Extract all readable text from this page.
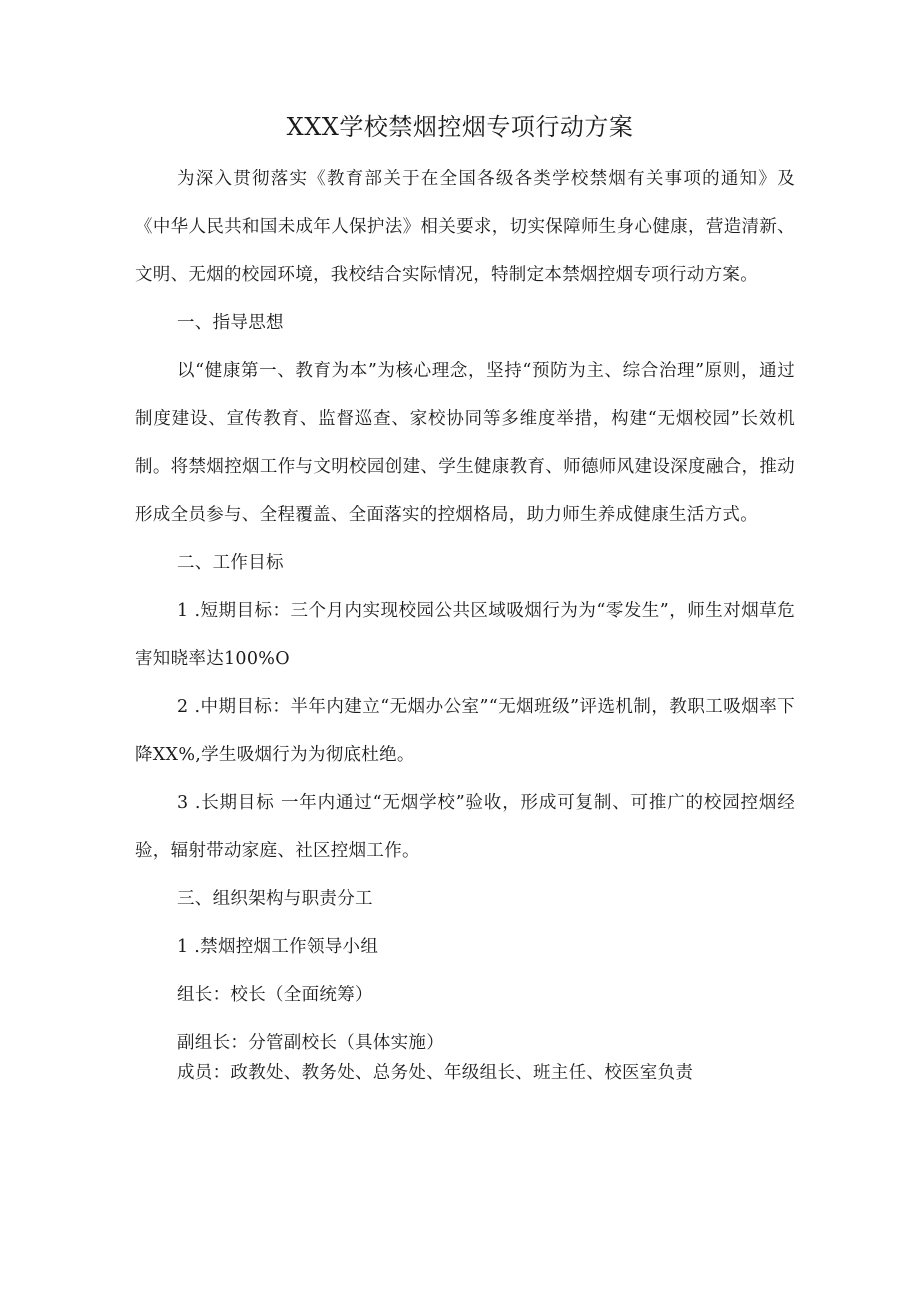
XXX学校禁烟控烟专项行动方案

为深入贯彻落实《教育部关于在全国各级各类学校禁烟有关事项的通知》及《中华人民共和国未成年人保护法》相关要求，切实保障师生身心健康，营造清新、文明、无烟的校园环境，我校结合实际情况，特制定本禁烟控烟专项行动方案。

一、指导思想

以“健康第一、教育为本”为核心理念，坚持“预防为主、综合治理”原则，通过制度建设、宣传教育、监督巡查、家校协同等多维度举措，构建“无烟校园”长效机制。将禁烟控烟工作与文明校园创建、学生健康教育、师德师风建设深度融合，推动形成全员参与、全程覆盖、全面落实的控烟格局，助力师生养成健康生活方式。

二、工作目标

1 .短期目标：三个月内实现校园公共区域吸烟行为为“零发生”，师生对烟草危害知晓率达100%O

2 .中期目标：半年内建立“无烟办公室”“无烟班级”评选机制，教职工吸烟率下降XX%,学生吸烟行为为彻底杜绝。

3 .长期目标 一年内通过“无烟学校”验收，形成可复制、可推广的校园控烟经验，辐射带动家庭、社区控烟工作。

三、组织架构与职责分工

1 .禁烟控烟工作领导小组

组长：校长（全面统筹）

副组长：分管副校长（具体实施）

成员：政教处、教务处、总务处、年级组长、班主任、校医室负责
